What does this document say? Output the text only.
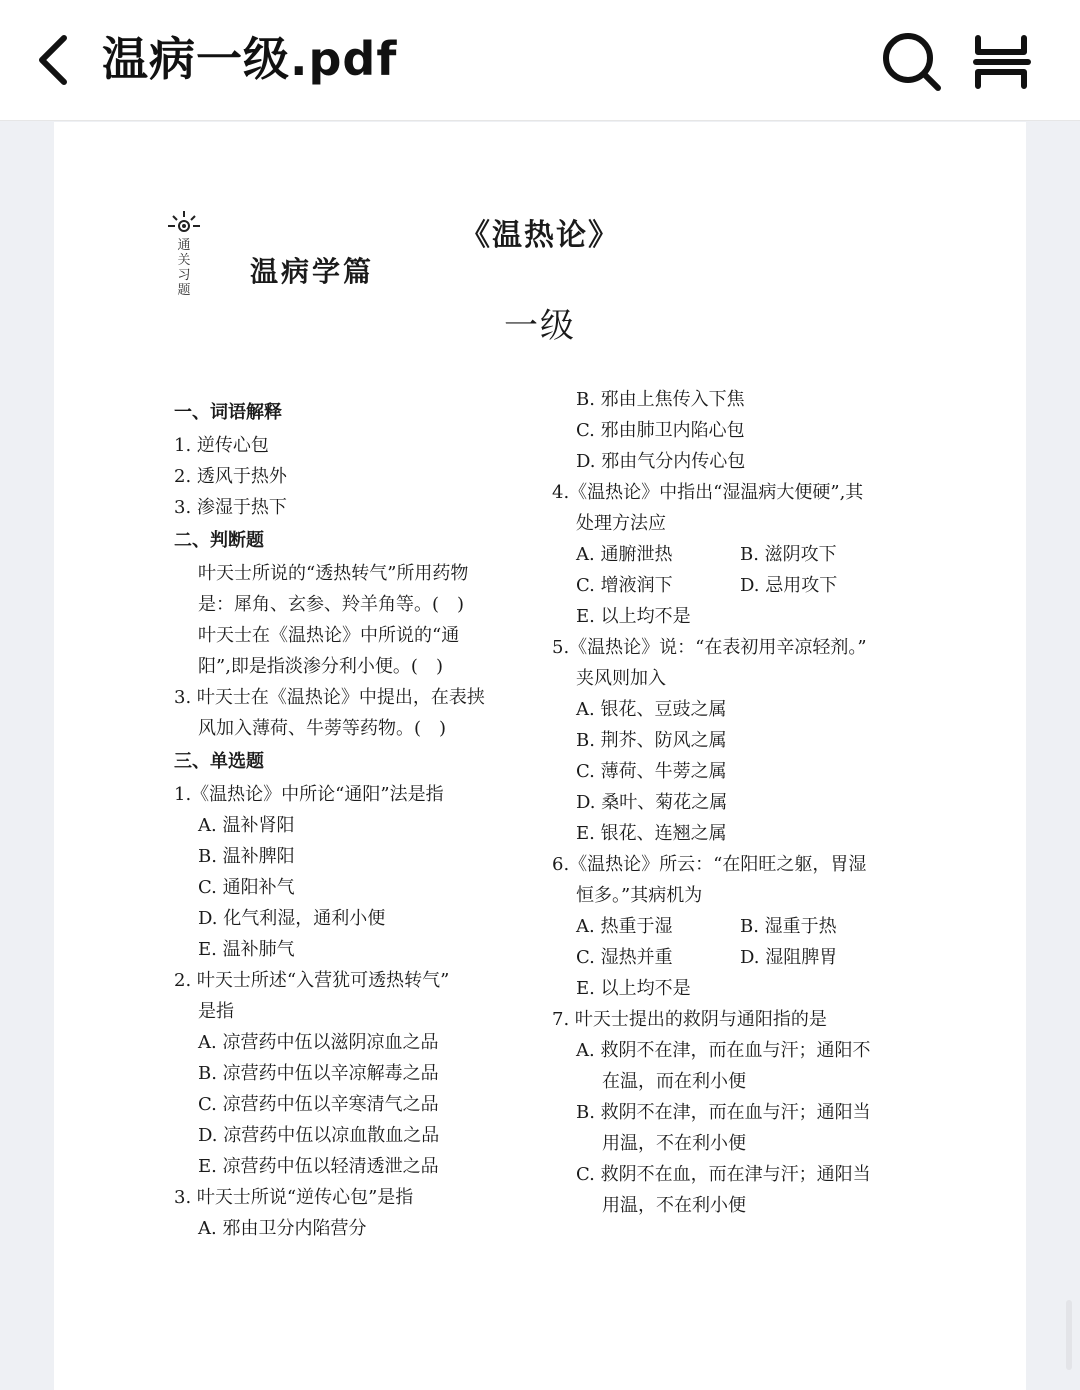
温病一级.pdf
通关习题
温病学篇
《温热论》
一级
一、词语解释
1. 逆传心包
2. 透风于热外
3. 渗湿于热下
二、判断题
叶天士所说的“透热转气”所用药物
是：犀角、玄参、羚羊角等。(　)
叶天士在《温热论》中所说的“通
阳”,即是指淡渗分利小便。(　)
3. 叶天士在《温热论》中提出，在表挟
风加入薄荷、牛蒡等药物。(　)
三、单选题
1.《温热论》中所论“通阳”法是指
A. 温补肾阳
B. 温补脾阳
C. 通阳补气
D. 化气利湿，通利小便
E. 温补肺气
2. 叶天士所述“入营犹可透热转气”
是指
A. 凉营药中伍以滋阴凉血之品
B. 凉营药中伍以辛凉解毒之品
C. 凉营药中伍以辛寒清气之品
D. 凉营药中伍以凉血散血之品
E. 凉营药中伍以轻清透泄之品
3. 叶天士所说“逆传心包”是指
A. 邪由卫分内陷营分
B. 邪由上焦传入下焦
C. 邪由肺卫内陷心包
D. 邪由气分内传心包
4.《温热论》中指出“湿温病大便硬”,其
处理方法应
A. 通腑泄热	B. 滋阴攻下
C. 增液润下	D. 忌用攻下
E. 以上均不是
5.《温热论》说：“在表初用辛凉轻剂。”
夹风则加入
A. 银花、豆豉之属
B. 荆芥、防风之属
C. 薄荷、牛蒡之属
D. 桑叶、菊花之属
E. 银花、连翘之属
6.《温热论》所云：“在阳旺之躯，胃湿
恒多。”其病机为
A. 热重于湿	B. 湿重于热
C. 湿热并重	D. 湿阻脾胃
E. 以上均不是
7. 叶天士提出的救阴与通阳指的是
A. 救阴不在津，而在血与汗；通阳不
在温，而在利小便
B. 救阴不在津，而在血与汗；通阳当
用温，不在利小便
C. 救阴不在血，而在津与汗；通阳当
用温，不在利小便
